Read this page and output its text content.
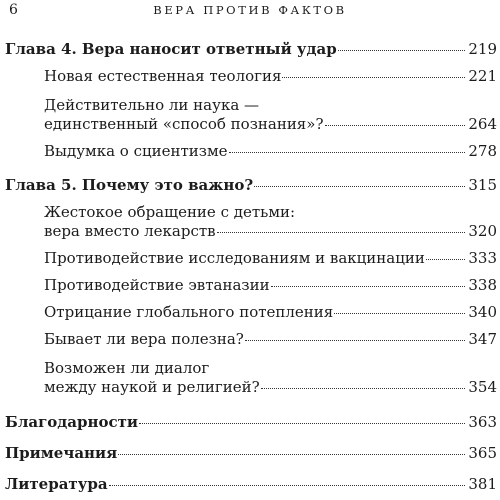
6	ВЕРА ПРОТИВ ФАКТОВ
Глава 4. Вера наносит ответный удар	219
Новая естественная теология	221
Действительно ли наука —
единственный «способ познания»?	264
Выдумка о сциентизме	278
Глава 5. Почему это важно?	315
Жестокое обращение с детьми:
вера вместо лекарств	320
Противодействие исследованиям и вакцинации	333
Противодействие эвтаназии	338
Отрицание глобального потепления	340
Бывает ли вера полезна?	347
Возможен ли диалог
между наукой и религией?	354
Благодарности	363
Примечания	365
Литература	381
